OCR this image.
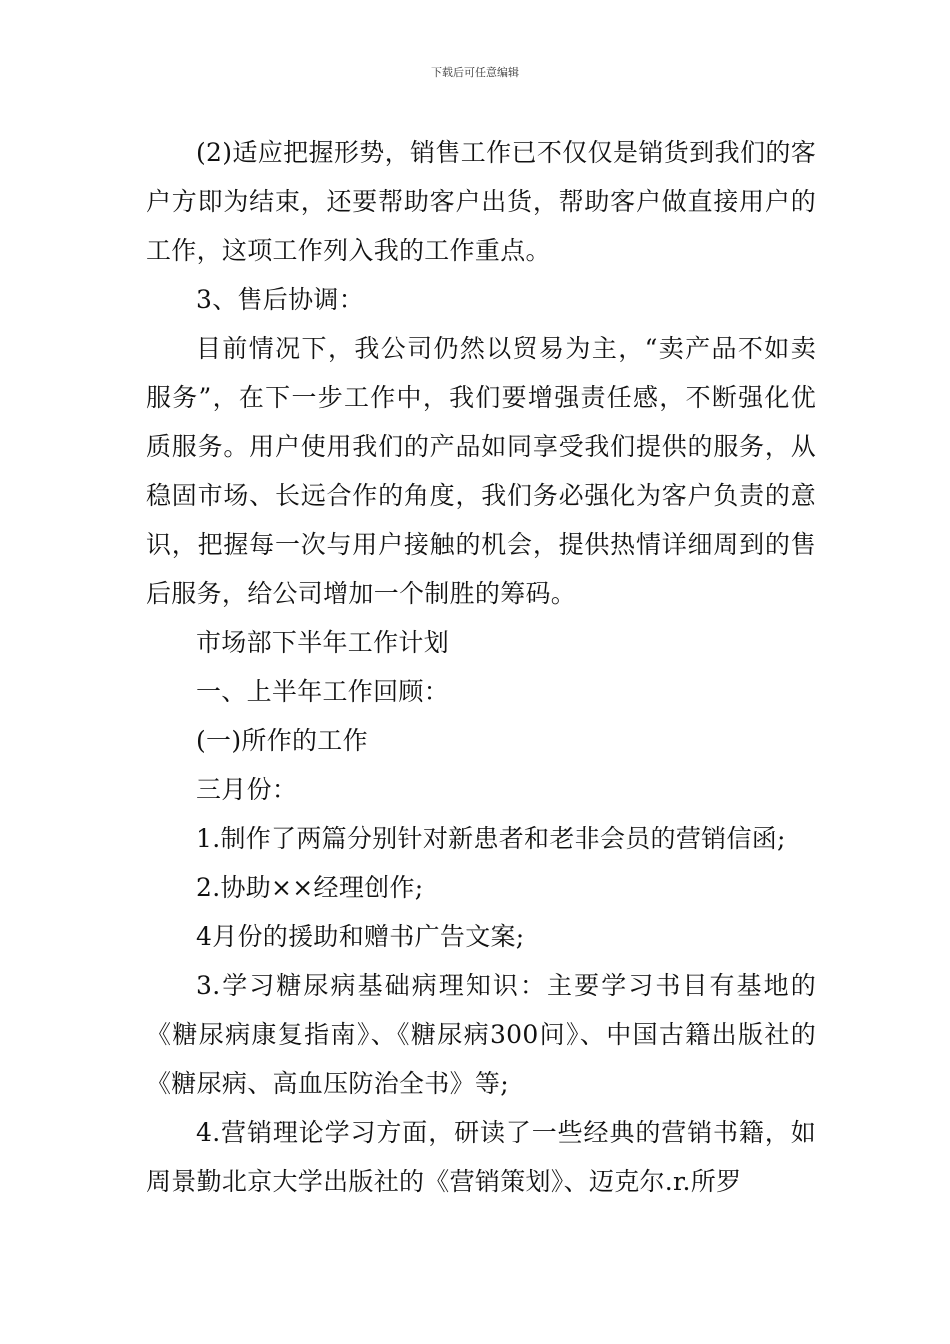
下载后可任意编辑

(2)适应把握形势，销售工作已不仅仅是销货到我们的客户方即为结束，还要帮助客户出货，帮助客户做直接用户的工作，这项工作列入我的工作重点。

3、售后协调：

目前情况下，我公司仍然以贸易为主，“卖产品不如卖服务”，在下一步工作中，我们要增强责任感，不断强化优质服务。用户使用我们的产品如同享受我们提供的服务，从稳固市场、长远合作的角度，我们务必强化为客户负责的意识，把握每一次与用户接触的机会，提供热情详细周到的售后服务，给公司增加一个制胜的筹码。

市场部下半年工作计划

一、上半年工作回顾：

(一)所作的工作

三月份：

1.制作了两篇分别针对新患者和老非会员的营销信函;

2.协助××经理创作;

4月份的援助和赠书广告文案;

3.学习糖尿病基础病理知识：主要学习书目有基地的《糖尿病康复指南》、《糖尿病300问》、中国古籍出版社的《糖尿病、高血压防治全书》等;

4.营销理论学习方面，研读了一些经典的营销书籍，如周景勤北京大学出版社的《营销策划》、迈克尔.r.所罗
